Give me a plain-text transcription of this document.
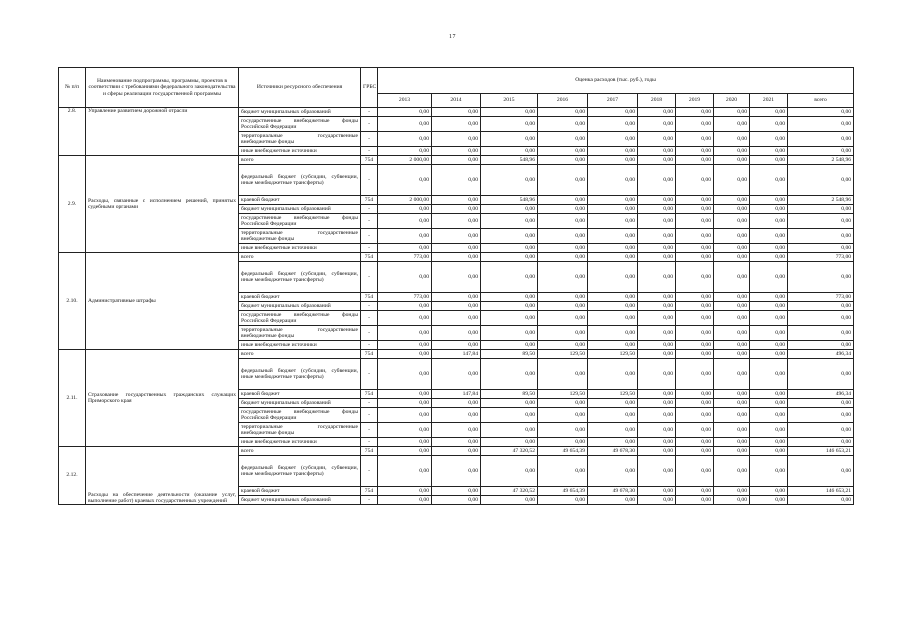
17
№ п/п	Наименование подпрограммы, программы, проектов в соответствии с требованиями федерального законодательства и сферы реализации государственной программы	Источники ресурсного обеспечения	ГРБС	Оценка расходов (тыс. руб.), годы									
				2013	2014	2015	2016	2017	2018	2019	2020	2021	всего
2.8.	Управление развитием дорожной отрасли	бюджет муниципальных образований	-	0,00	0,00	0,00	0,00	0,00	0,00	0,00	0,00	0,00	0,00
		государственные внебюджетные фонды Российской Федерации	-	0,00	0,00	0,00	0,00	0,00	0,00	0,00	0,00	0,00	0,00
		территориальные государственные внебюджетные фонды	-	0,00	0,00	0,00	0,00	0,00	0,00	0,00	0,00	0,00	0,00
		иные внебюджетные источники	-	0,00	0,00	0,00	0,00	0,00	0,00	0,00	0,00	0,00	0,00
2.9.	Расходы, связанные с исполнением решений, принятых судебными органами	всего	754	2 000,00	0,00	548,96	0,00	0,00	0,00	0,00	0,00	0,00	2 548,96
		федеральный бюджет (субсидии, субвенции, иные межбюджетные трансферты)	-	0,00	0,00	0,00	0,00	0,00	0,00	0,00	0,00	0,00	0,00
		краевой бюджет	754	2 000,00	0,00	548,96	0,00	0,00	0,00	0,00	0,00	0,00	2 548,96
		бюджет муниципальных образований	-	0,00	0,00	0,00	0,00	0,00	0,00	0,00	0,00	0,00	0,00
		государственные внебюджетные фонды Российской Федерации	-	0,00	0,00	0,00	0,00	0,00	0,00	0,00	0,00	0,00	0,00
		территориальные государственные внебюджетные фонды	-	0,00	0,00	0,00	0,00	0,00	0,00	0,00	0,00	0,00	0,00
		иные внебюджетные источники	-	0,00	0,00	0,00	0,00	0,00	0,00	0,00	0,00	0,00	0,00
2.10.	Административные штрафы	всего	754	773,00	0,00	0,00	0,00	0,00	0,00	0,00	0,00	0,00	773,00
		федеральный бюджет (субсидии, субвенции, иные межбюджетные трансферты)	-	0,00	0,00	0,00	0,00	0,00	0,00	0,00	0,00	0,00	0,00
		краевой бюджет	754	773,00	0,00	0,00	0,00	0,00	0,00	0,00	0,00	0,00	773,00
		бюджет муниципальных образований	-	0,00	0,00	0,00	0,00	0,00	0,00	0,00	0,00	0,00	0,00
		государственные внебюджетные фонды Российской Федерации	-	0,00	0,00	0,00	0,00	0,00	0,00	0,00	0,00	0,00	0,00
		территориальные государственные внебюджетные фонды	-	0,00	0,00	0,00	0,00	0,00	0,00	0,00	0,00	0,00	0,00
		иные внебюджетные источники	-	0,00	0,00	0,00	0,00	0,00	0,00	0,00	0,00	0,00	0,00
2.11.	Страхование государственных гражданских служащих Приморского края	всего	754	0,00	147,84	89,50	129,50	129,50	0,00	0,00	0,00	0,00	496,34
		федеральный бюджет (субсидии, субвенции, иные межбюджетные трансферты)	-	0,00	0,00	0,00	0,00	0,00	0,00	0,00	0,00	0,00	0,00
		краевой бюджет	754	0,00	147,84	89,50	129,50	129,50	0,00	0,00	0,00	0,00	496,34
		бюджет муниципальных образований	-	0,00	0,00	0,00	0,00	0,00	0,00	0,00	0,00	0,00	0,00
		государственные внебюджетные фонды Российской Федерации	-	0,00	0,00	0,00	0,00	0,00	0,00	0,00	0,00	0,00	0,00
		территориальные государственные внебюджетные фонды	-	0,00	0,00	0,00	0,00	0,00	0,00	0,00	0,00	0,00	0,00
		иные внебюджетные источники	-	0,00	0,00	0,00	0,00	0,00	0,00	0,00	0,00	0,00	0,00
2.12.	Расходы на обеспечение деятельности (оказание услуг, выполнение работ) краевых государственных учреждений	всего	754	0,00	0,00	47 320,52	49 654,39	49 678,30	0,00	0,00	0,00	0,00	146 653,21
		федеральный бюджет (субсидии, субвенции, иные межбюджетные трансферты)	-	0,00	0,00	0,00	0,00	0,00	0,00	0,00	0,00	0,00	0,00
		краевой бюджет	754	0,00	0,00	47 320,52	49 654,39	49 678,30	0,00	0,00	0,00	0,00	146 653,21
		бюджет муниципальных образований	-	0,00	0,00	0,00	0,00	0,00	0,00	0,00	0,00	0,00	0,00
